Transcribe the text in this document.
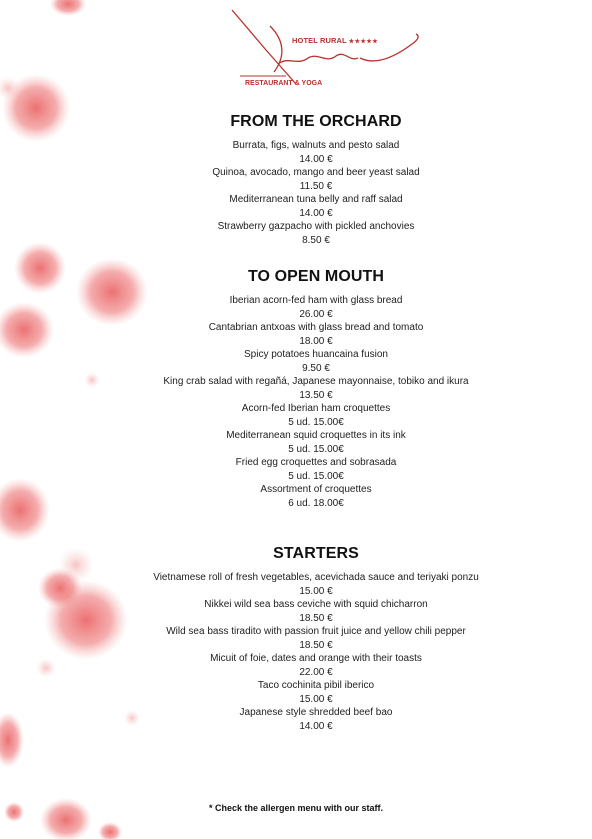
HOTEL RURAL ★★★★★
RESTAURANT & YOGA
FROM THE ORCHARD

Burrata, figs, walnuts and pesto salad

14.00 €

Quinoa, avocado, mango and beer yeast salad

11.50 €

Mediterranean tuna belly and raff salad

14.00 €

Strawberry gazpacho with pickled anchovies

8.50 €

TO OPEN MOUTH

Iberian acorn-fed ham with glass bread

26.00 €

Cantabrian antxoas with glass bread and tomato

18.00 €

Spicy potatoes huancaina fusion

9.50 €

King crab salad with regañá, Japanese mayonnaise, tobiko and ikura

13.50 €

Acorn-fed Iberian ham croquettes

5 ud. 15.00€

Mediterranean squid croquettes in its ink

5 ud. 15.00€

Fried egg croquettes and sobrasada

5 ud. 15.00€

Assortment of croquettes

6 ud. 18.00€

STARTERS

Vietnamese roll of fresh vegetables, acevichada sauce and teriyaki ponzu

15.00 €

Nikkei wild sea bass ceviche with squid chicharron

18.50 €

Wild sea bass tiradito with passion fruit juice and yellow chili pepper

18.50 €

Micuit of foie, dates and orange with their toasts

22.00 €

Taco cochinita pibil iberico

15.00 €

Japanese style shredded beef bao

14.00 €

* Check the allergen menu with our staff.
